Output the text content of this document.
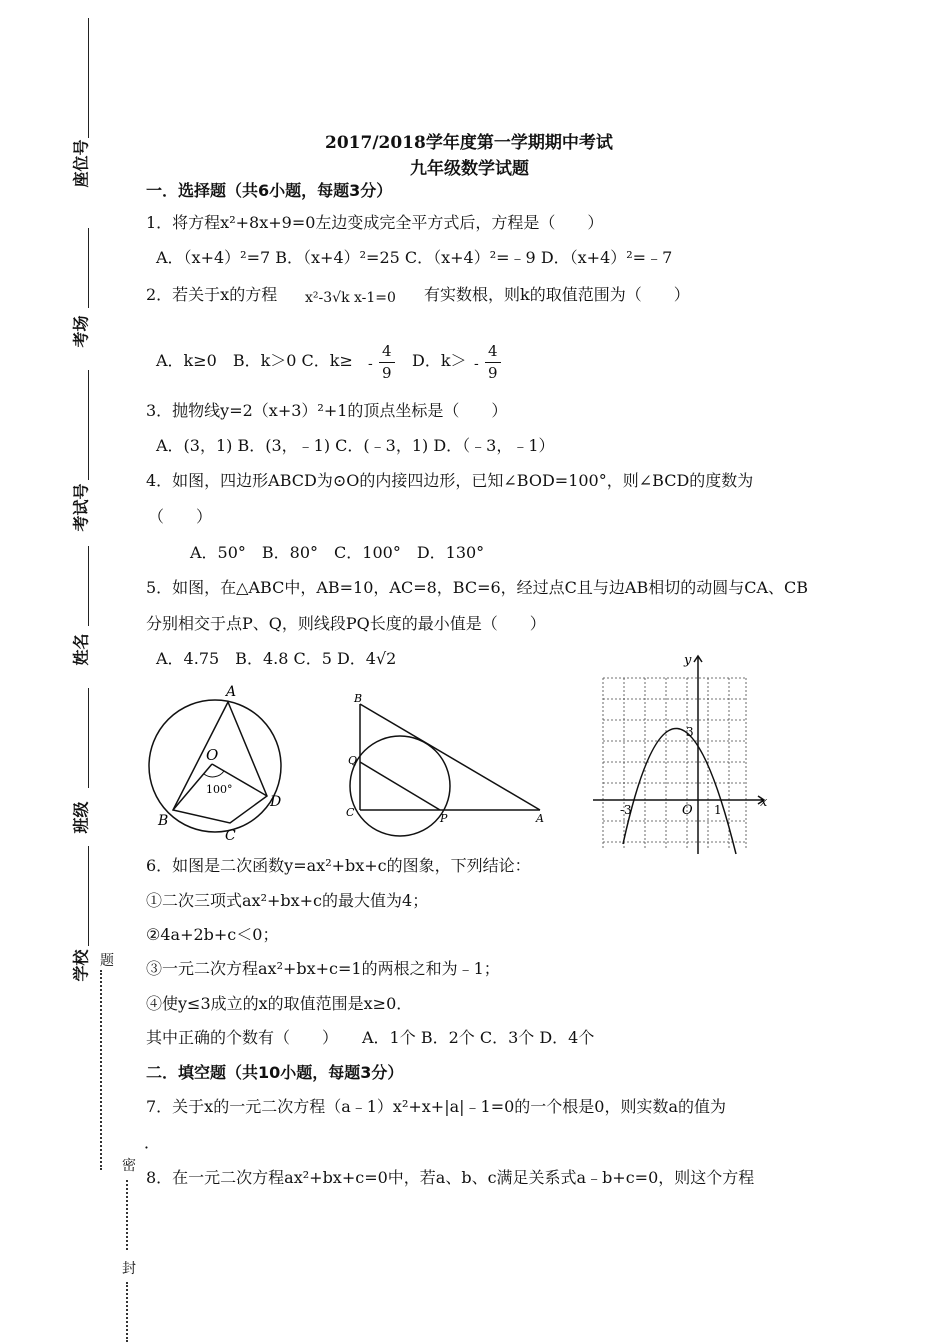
座位号
考场
考试号
姓名
班级
学校 题
密
封
2017/2018学年度第一学期期中考试
九年级数学试题
一．选择题（共6小题，每题3分）
1．将方程x²+8x+9=0左边变成完全平方式后，方程是（　　）
A．（x+4）²=7 B．（x+4）²=25 C．（x+4）²=﹣9 D．（x+4）²=﹣7
2．若关于x的方程 x²-3√k x-1=0 有实数根，则k的取值范围为（　　）
A．k≥0　B．k＞0 C．k≥ -
4
9
D．k＞ -
4
9
3．抛物线y=2（x+3）²+1的顶点坐标是（　　）
A．(3，1) B．(3，﹣1) C．(﹣3，1) D．（﹣3，﹣1）
4．如图，四边形ABCD为⊙O的内接四边形，已知∠BOD=100°，则∠BCD的度数为
（　　）
A．50°　B．80°　C．100°　D．130°
5．如图，在△ABC中，AB=10，AC=8，BC=6，经过点C且与边AB相切的动圆与CA、CB
分别相交于点P、Q，则线段PQ长度的最小值是（　　）
A．4.75　B．4.8 C．5 D．4√2
A
O
100°
B
C
D
B
Q
C	P	A
y
x
O
3
-3	1
6．如图是二次函数y=ax²+bx+c的图象，下列结论：
①二次三项式ax²+bx+c的最大值为4；
②4a+2b+c＜0；
③一元二次方程ax²+bx+c=1的两根之和为﹣1；
④使y≤3成立的x的取值范围是x≥0．
其中正确的个数有（　　）　　A．1个 B．2个 C．3个 D．4个
二．填空题（共10小题，每题3分）
7．关于x的一元二次方程（a﹣1）x²+x+|a|﹣1=0的一个根是0，则实数a的值为
．
8．在一元二次方程ax²+bx+c=0中，若a、b、c满足关系式a﹣b+c=0，则这个方程
